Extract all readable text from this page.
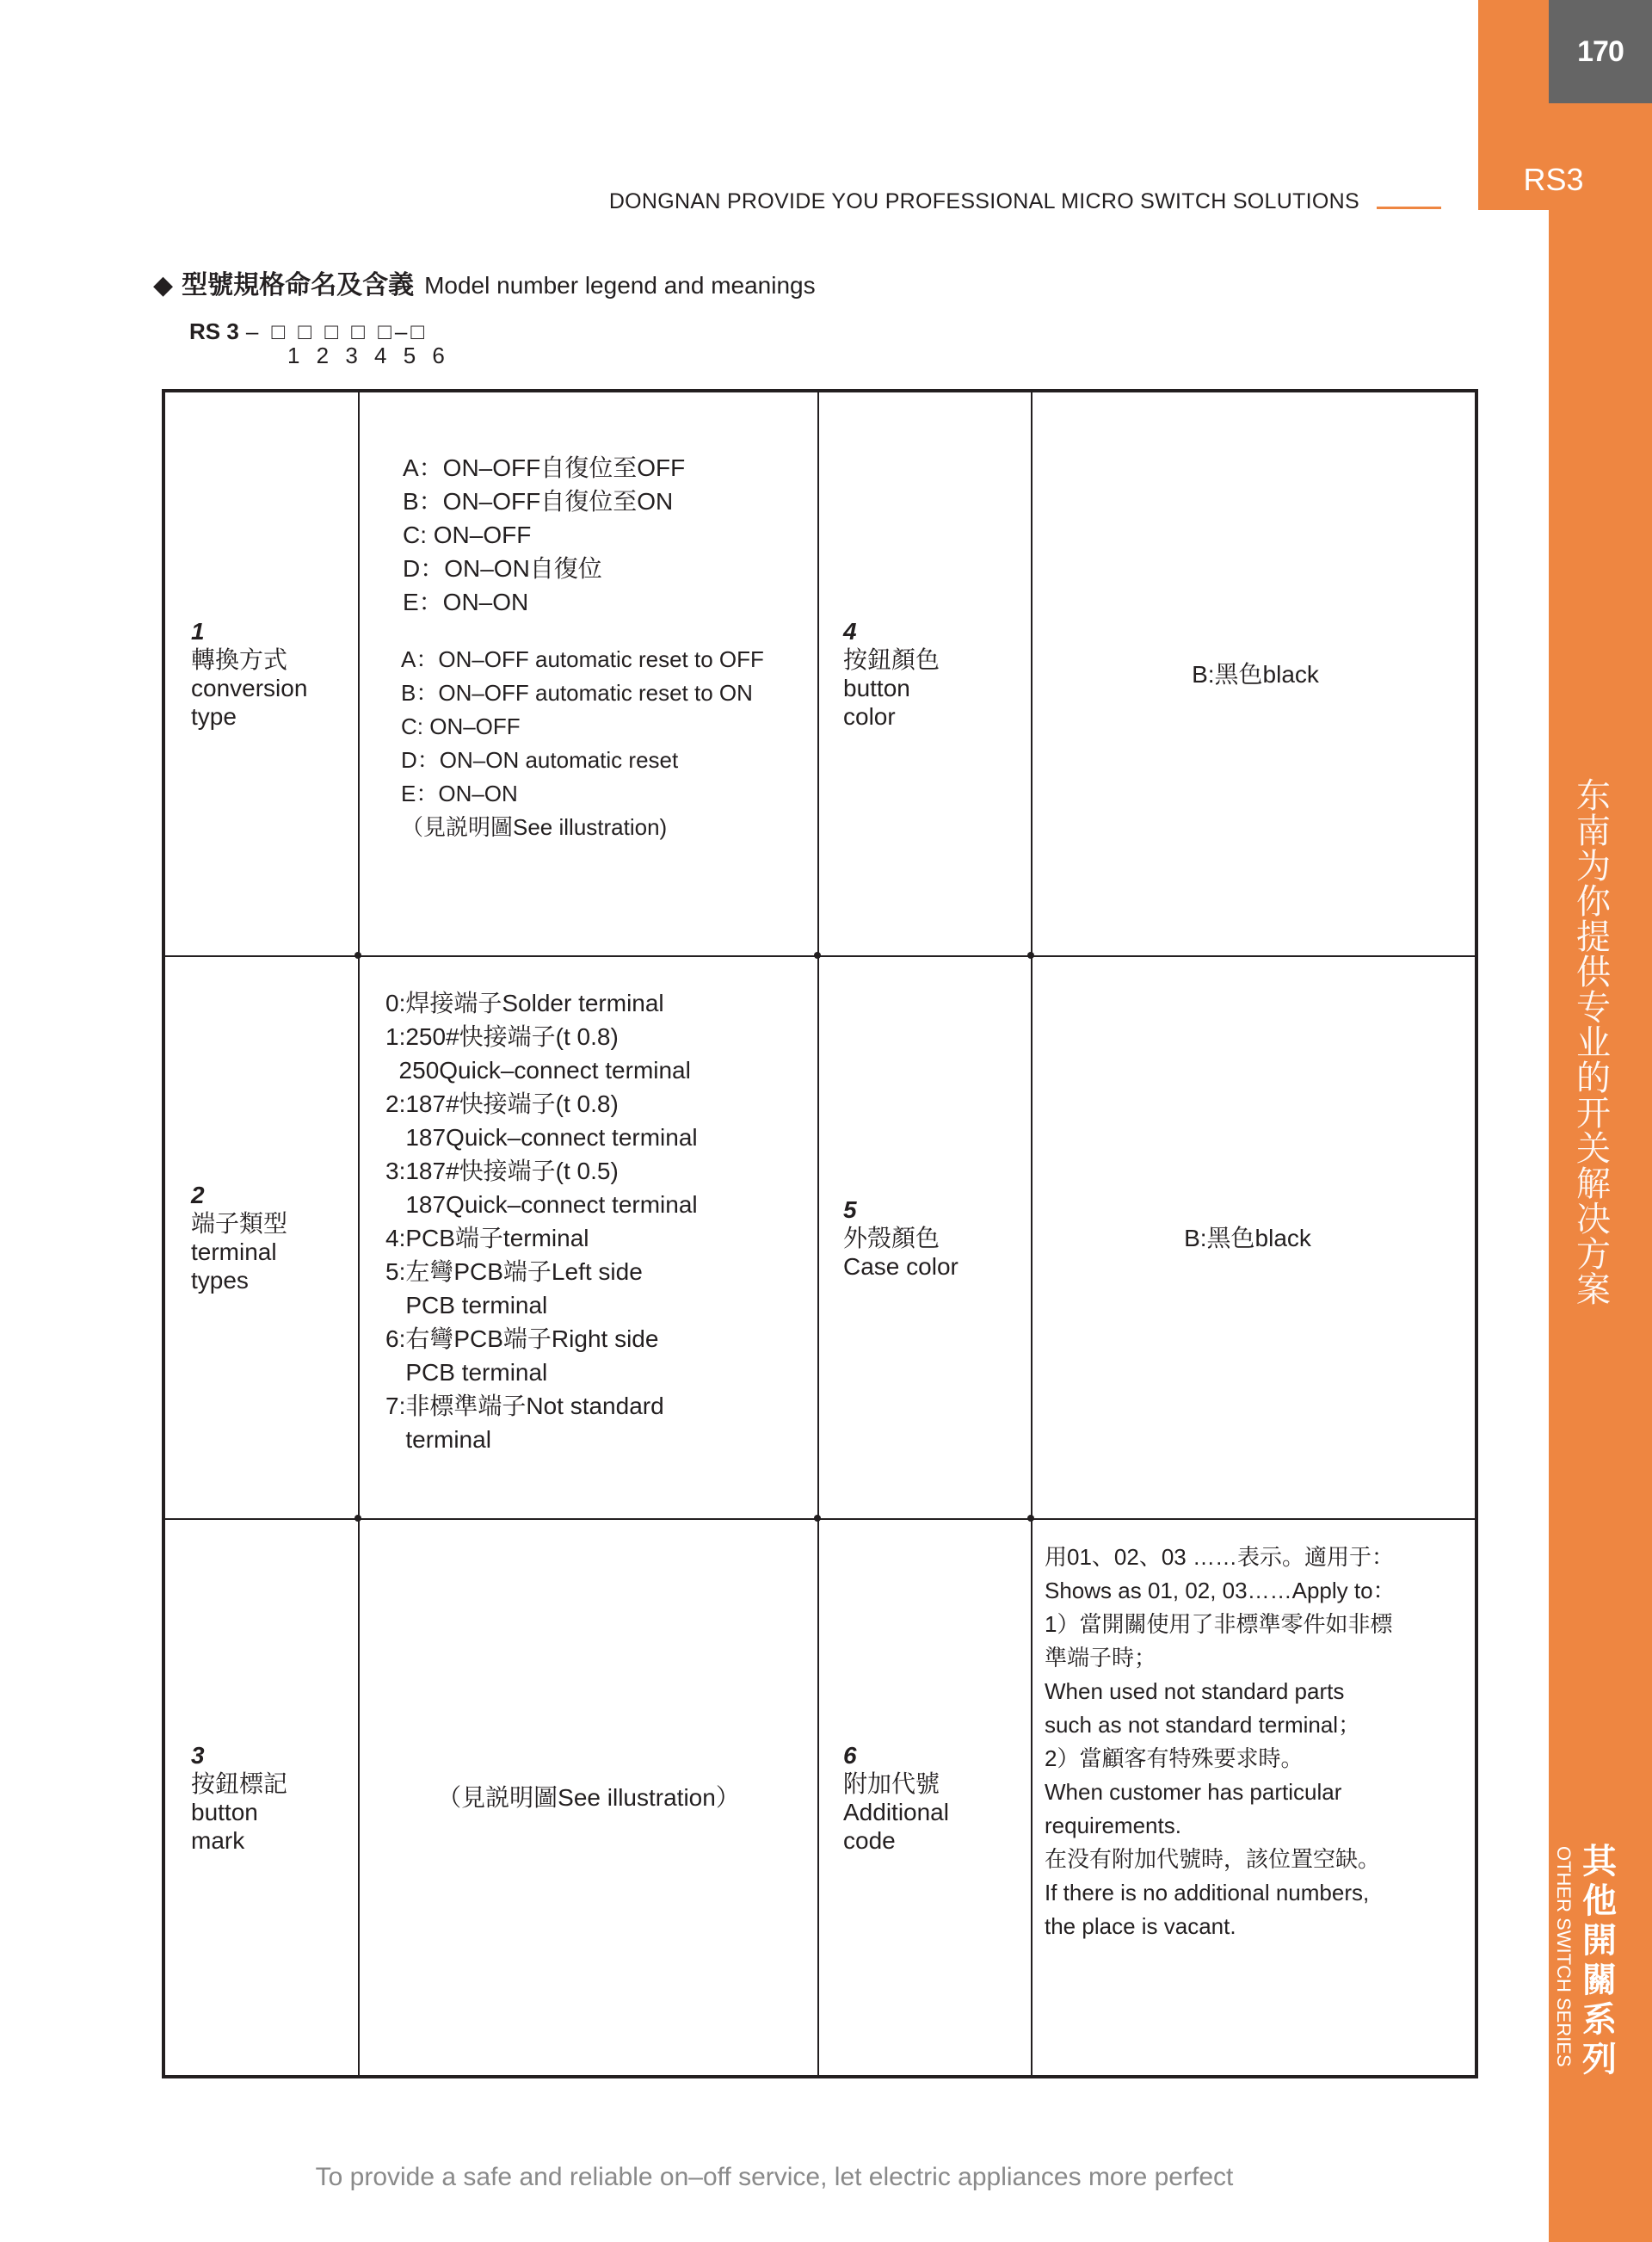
170
RS3
东南为你提供专业的开关解决方案
OTHER SWITCH SERIES 其他開關系列
DONGNAN PROVIDE YOU PROFESSIONAL MICRO SWITCH SOLUTIONS
◆ 型號規格命名及含義 Model number legend and meanings
RS 3 – □ □ □ □ □–□
1 2 3 4 5 6
1
轉換方式
conversion
type
A：ON–OFF自復位至OFF
B：ON–OFF自復位至ON
C: ON–OFF
D：ON–ON自復位
E：ON–ON
A：ON–OFF automatic reset to OFF
B：ON–OFF automatic reset to ON
C: ON–OFF
D：ON–ON automatic reset
E：ON–ON
（見説明圖See illustration)
4
按鈕顏色
button
color
B:黑色black
2
端子類型
terminal
types
0:焊接端子Solder terminal
1:250#快接端子(t 0.8)
250Quick–connect terminal
2:187#快接端子(t 0.8)
187Quick–connect terminal
3:187#快接端子(t 0.5)
187Quick–connect terminal
4:PCB端子terminal
5:左彎PCB端子Left side
PCB terminal
6:右彎PCB端子Right side
PCB terminal
7:非標準端子Not standard
terminal
5
外殼顏色
Case color
B:黑色black
3
按鈕標記
button
mark
（見説明圖See illustration）
6
附加代號
Additional
code
用01、02、03 ……表示。適用于：
Shows as 01, 02, 03……Apply to：
1）當開關使用了非標準零件如非標
準端子時；
When used not standard parts
such as not standard terminal；
2）當顧客有特殊要求時。
When customer has particular
requirements.
在没有附加代號時，該位置空缺。
If there is no additional numbers,
the place is vacant.
To provide a safe and reliable on–off service, let electric appliances more perfect
